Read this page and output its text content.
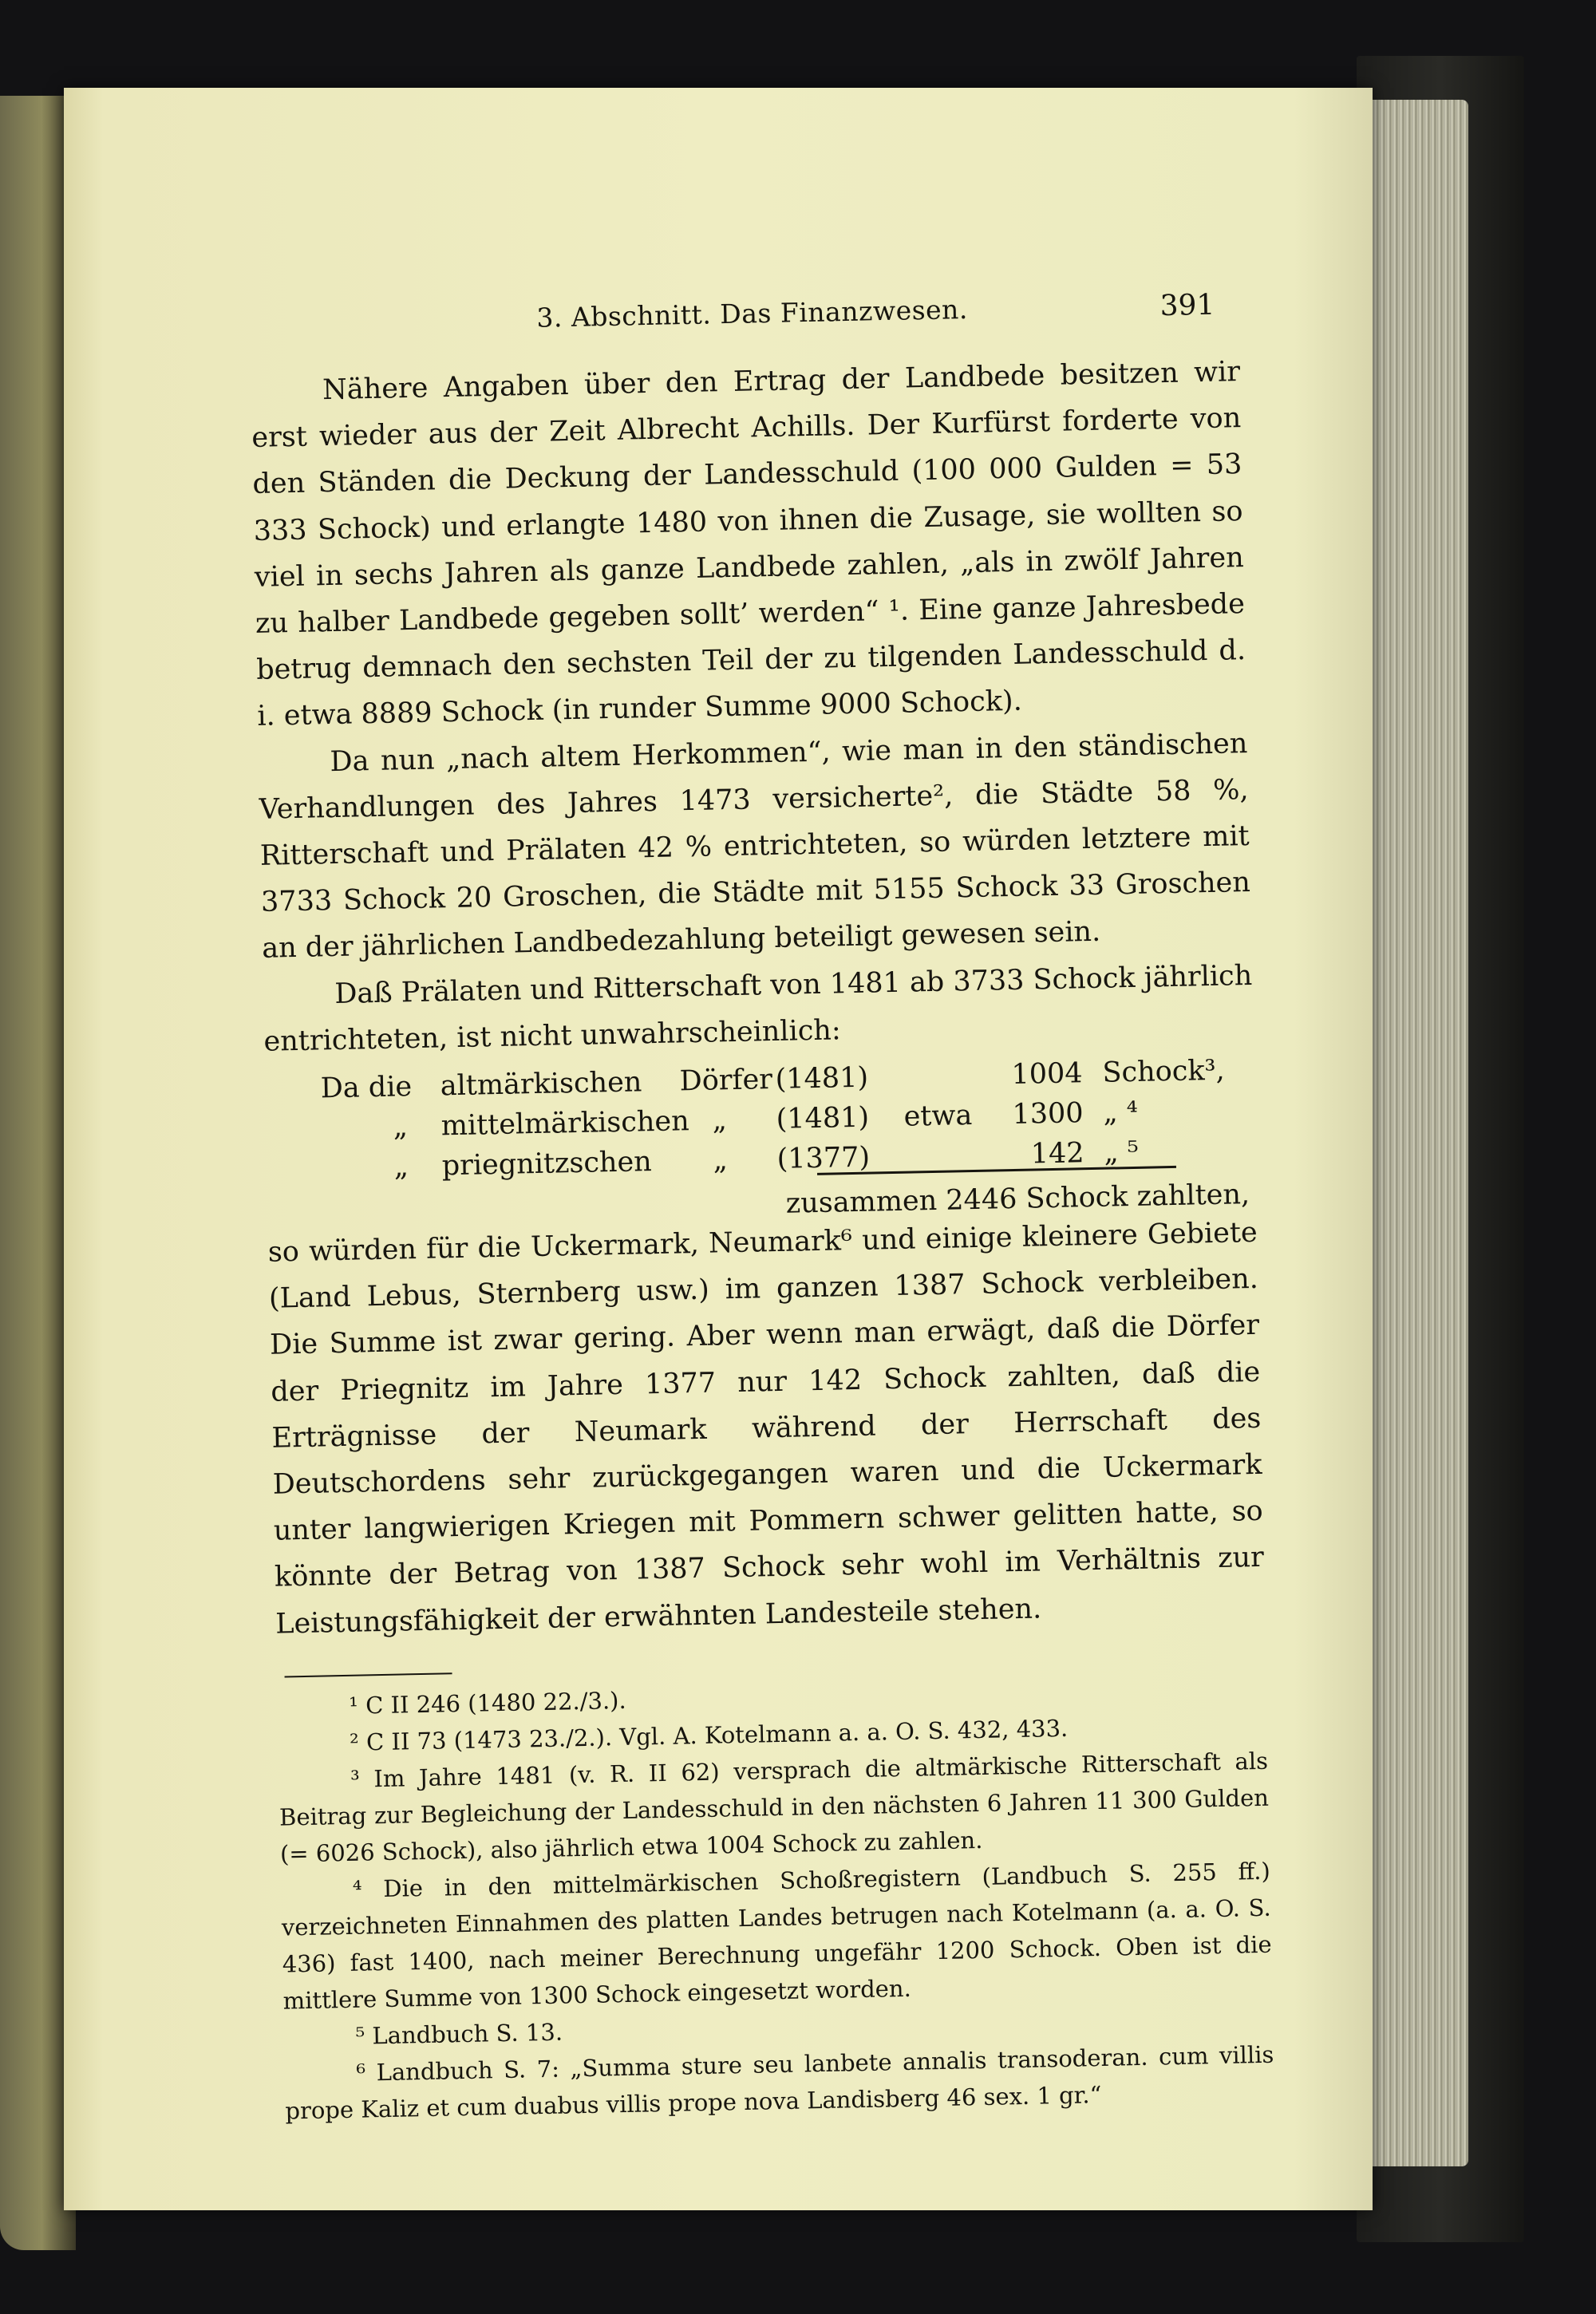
3. Abschnitt. Das Finanzwesen.	391

Nähere Angaben über den Ertrag der Landbede besitzen wir erst wieder aus der Zeit Albrecht Achills. Der Kurfürst forderte von den Ständen die Deckung der Landesschuld (100 000 Gulden = 53 333 Schock) und erlangte 1480 von ihnen die Zusage, sie wollten so viel in sechs Jahren als ganze Landbede zahlen, „als in zwölf Jahren zu halber Landbede gegeben sollt’ werden“ ¹. Eine ganze Jahresbede betrug demnach den sechsten Teil der zu tilgenden Landesschuld d. i. etwa 8889 Schock (in runder Summe 9000 Schock).

Da nun „nach altem Herkommen“, wie man in den ständischen Verhandlungen des Jahres 1473 versicherte², die Städte 58 %, Ritterschaft und Prälaten 42 % entrichteten, so würden letztere mit 3733 Schock 20 Groschen, die Städte mit 5155 Schock 33 Groschen an der jährlichen Landbedezahlung beteiligt gewesen sein.

Daß Prälaten und Ritterschaft von 1481 ab 3733 Schock jährlich entrichteten, ist nicht unwahrscheinlich:

Da die altmärkischen Dörfer (1481)	1004 Schock³,
„ mittelmärkischen „ (1481) etwa	1300 „ ⁴
„ priegnitzschen „ (1377)	142 „ ⁵
zusammen 2446 Schock zahlten,

so würden für die Uckermark, Neumark⁶ und einige kleinere Gebiete (Land Lebus, Sternberg usw.) im ganzen 1387 Schock verbleiben. Die Summe ist zwar gering. Aber wenn man erwägt, daß die Dörfer der Priegnitz im Jahre 1377 nur 142 Schock zahlten, daß die Erträgnisse der Neumark während der Herrschaft des Deutschordens sehr zurückgegangen waren und die Uckermark unter langwierigen Kriegen mit Pommern schwer gelitten hatte, so könnte der Betrag von 1387 Schock sehr wohl im Verhältnis zur Leistungsfähigkeit der erwähnten Landesteile stehen.

¹ C II 246 (1480 22./3.).

² C II 73 (1473 23./2.). Vgl. A. Kotelmann a. a. O. S. 432, 433.

³ Im Jahre 1481 (v. R. II 62) versprach die altmärkische Ritterschaft als Beitrag zur Begleichung der Landesschuld in den nächsten 6 Jahren 11 300 Gulden (= 6026 Schock), also jährlich etwa 1004 Schock zu zahlen.

⁴ Die in den mittelmärkischen Schoßregistern (Landbuch S. 255 ff.) verzeichneten Einnahmen des platten Landes betrugen nach Kotelmann (a. a. O. S. 436) fast 1400, nach meiner Berechnung ungefähr 1200 Schock. Oben ist die mittlere Summe von 1300 Schock eingesetzt worden.

⁵ Landbuch S. 13.

⁶ Landbuch S. 7: „Summa sture seu lanbete annalis transoderan. cum villis prope Kaliz et cum duabus villis prope nova Landisberg 46 sex. 1 gr.“
